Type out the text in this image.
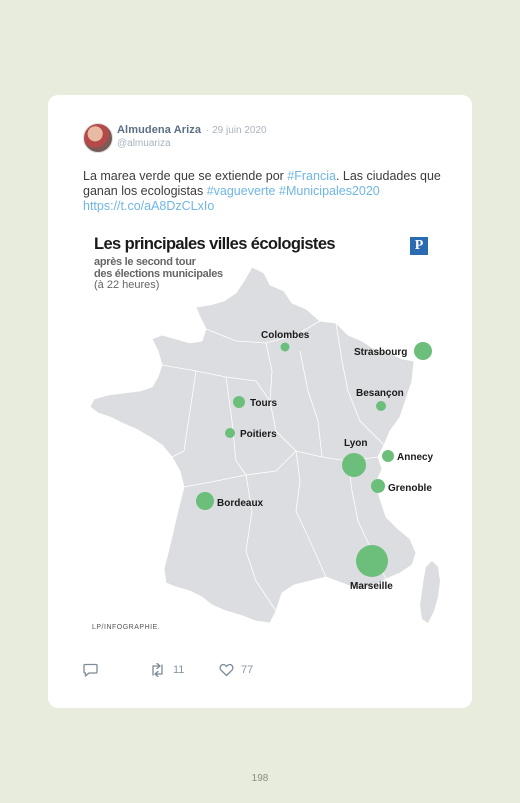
Almudena Ariza · 29 juin 2020
@almuariza
La marea verde que se extiende por #Francia. Las ciudades que ganan los ecologistas #vagueverte #Municipales2020
https://t.co/aA8DzCLxIo
Colombes
Strasbourg
Tours
Besançon
Poitiers
Lyon
Annecy
Grenoble
Bordeaux
Marseille
Les principales villes écologistes
après le second tour
des élections municipales
(à 22 heures)
P
LP/INFOGRAPHIE.
11	77
198
